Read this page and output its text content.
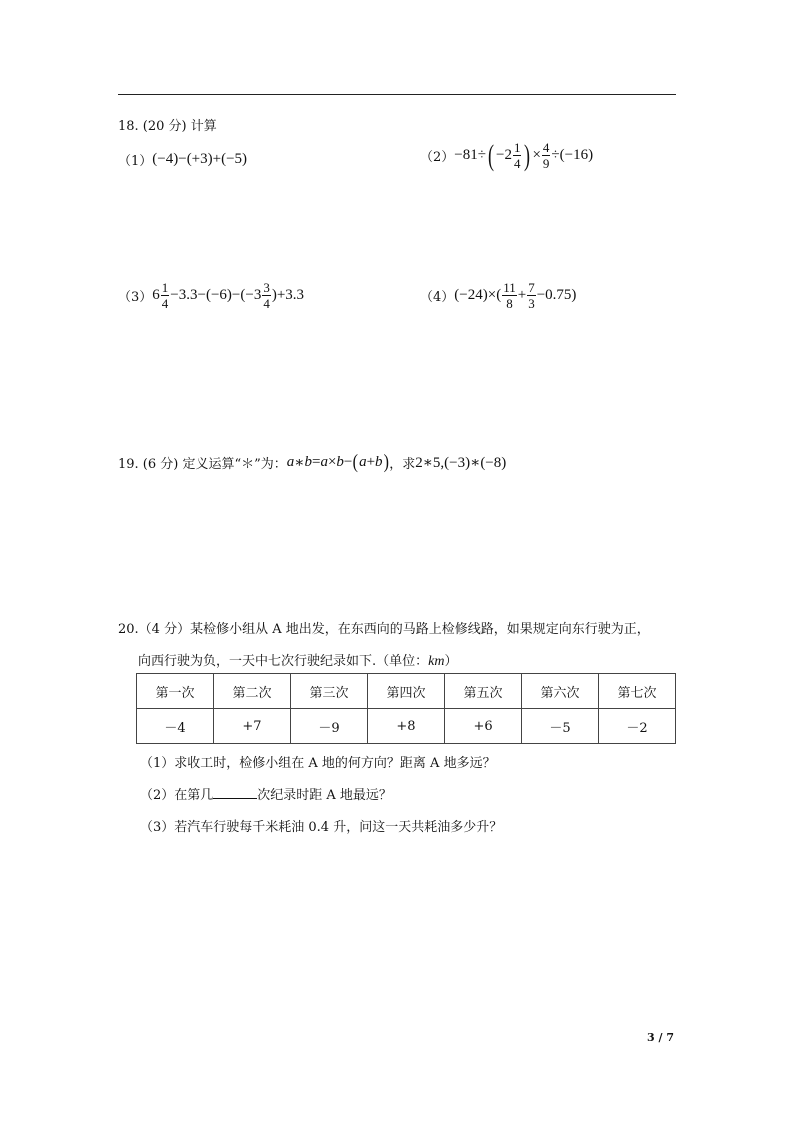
18. (20 分) 计算
（1） (−4)−(+3)+(−5)	（2） −81÷ ( $-2 \frac{1}{4}$ ) × $\frac{4}{9} \div(-16)$
（3） $6 \frac{1}{4} -3.3-(-6)-(-3 \frac{3}{4} )+3.3$	（4） $(-24)\times( \frac{11}{8} + \frac{7}{3} -0.75)$
19. (6 分) 定义运算“＊”为： a ∗ b = a × b − ( a + b ) ，求 2∗5, (−3)∗(−8)
20.（4 分）某检修小组从 A 地出发，在东西向的马路上检修线路，如果规定向东行驶为正，
向西行驶为负，一天中七次行驶纪录如下.（单位：km）
第一次	第二次	第三次	第四次	第五次	第六次	第七次
－4	+7	－9	+8	+6	－5	－2
（1）求收工时，检修小组在 A 地的何方向？距离 A 地多远？
（2）在第几	次纪录时距 A 地最远？
（3）若汽车行驶每千米耗油 0.4 升，问这一天共耗油多少升？
3 / 7
